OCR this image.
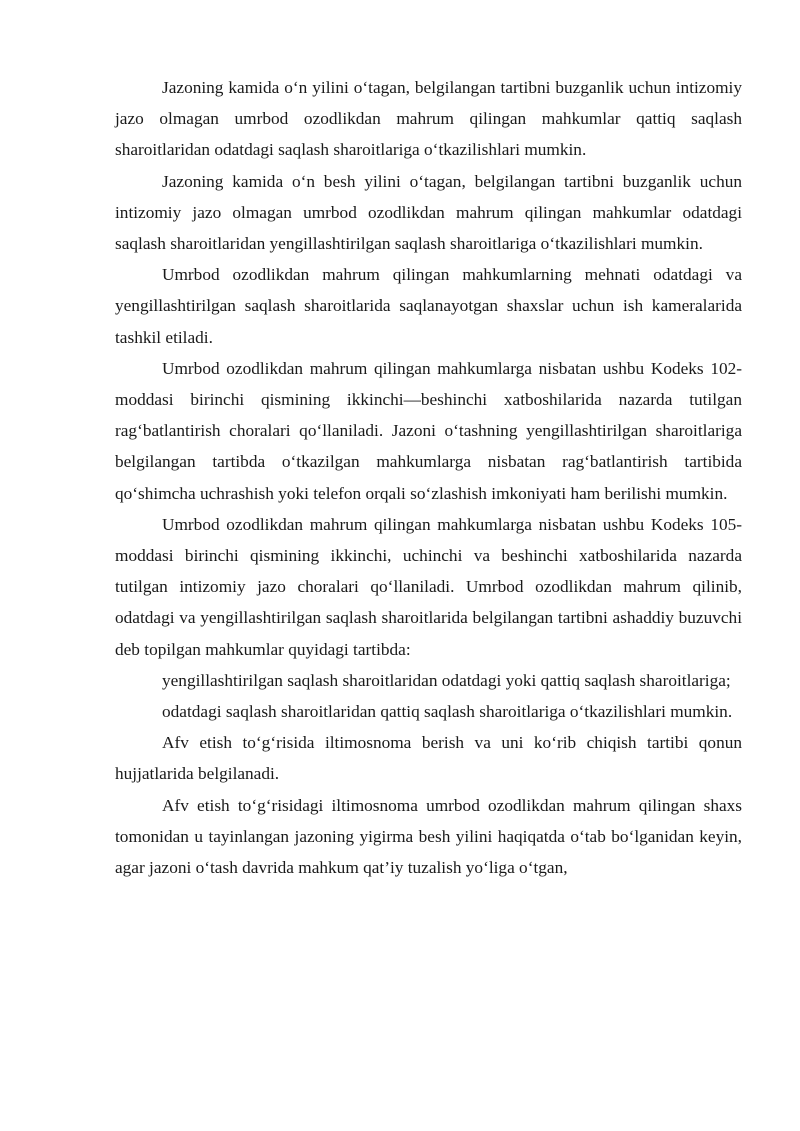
Jazoning kamida o‘n yilini o‘tagan, belgilangan tartibni buzganlik uchun intizomiy jazo olmagan umrbod ozodlikdan mahrum qilingan mahkumlar qattiq saqlash sharoitlaridan odatdagi saqlash sharoitlariga o‘tkazilishlari mumkin.

Jazoning kamida o‘n besh yilini o‘tagan, belgilangan tartibni buzganlik uchun intizomiy jazo olmagan umrbod ozodlikdan mahrum qilingan mahkumlar odatdagi saqlash sharoitlaridan yengillashtirilgan saqlash sharoitlariga o‘tkazilishlari mumkin.

Umrbod ozodlikdan mahrum qilingan mahkumlarning mehnati odatdagi va yengillashtirilgan saqlash sharoitlarida saqlanayotgan shaxslar uchun ish kameralarida tashkil etiladi.

Umrbod ozodlikdan mahrum qilingan mahkumlarga nisbatan ushbu Kodeks 102-moddasi birinchi qismining ikkinchi—beshinchi xatboshilarida nazarda tutilgan rag‘batlantirish choralari qo‘llaniladi. Jazoni o‘tashning yengillashtirilgan sharoitlariga belgilangan tartibda o‘tkazilgan mahkumlarga nisbatan rag‘batlantirish tartibida qo‘shimcha uchrashish yoki telefon orqali so‘zlashish imkoniyati ham berilishi mumkin.

Umrbod ozodlikdan mahrum qilingan mahkumlarga nisbatan ushbu Kodeks 105-moddasi birinchi qismining ikkinchi, uchinchi va beshinchi xatboshilarida nazarda tutilgan intizomiy jazo choralari qo‘llaniladi. Umrbod ozodlikdan mahrum qilinib, odatdagi va yengillashtirilgan saqlash sharoitlarida belgilangan tartibni ashaddiy buzuvchi deb topilgan mahkumlar quyidagi tartibda:

yengillashtirilgan saqlash sharoitlaridan odatdagi yoki qattiq saqlash sharoitlariga;

odatdagi saqlash sharoitlaridan qattiq saqlash sharoitlariga o‘tkazilishlari mumkin.

Afv etish to‘g‘risida iltimosnoma berish va uni ko‘rib chiqish tartibi qonun hujjatlarida belgilanadi.

Afv etish to‘g‘risidagi iltimosnoma umrbod ozodlikdan mahrum qilingan shaxs tomonidan u tayinlangan jazoning yigirma besh yilini haqiqatda o‘tab bo‘lganidan keyin, agar jazoni o‘tash davrida mahkum qat’iy tuzalish yo‘liga o‘tgan,
